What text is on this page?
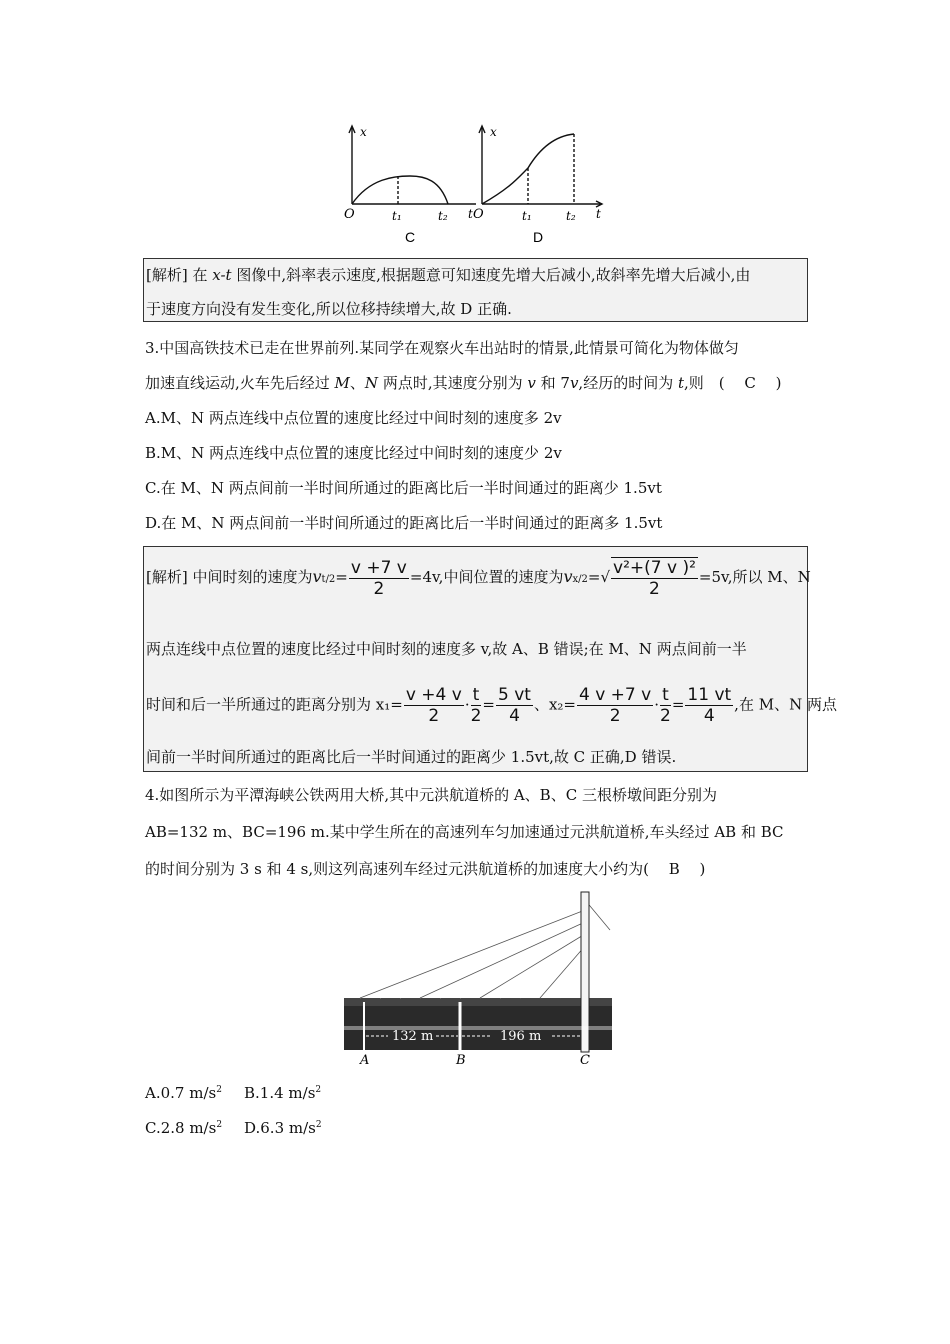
x	x
O	O
t₁	t₂ t	t₁	t₂ t
C	D
[解析] 在 x-t 图像中,斜率表示速度,根据题意可知速度先增大后减小,故斜率先增大后减小,由
于速度方向没有发生变化,所以位移持续增大,故 D 正确.
3.中国高铁技术已走在世界前列.某同学在观察火车出站时的情景,此情景可简化为物体做匀
加速直线运动,火车先后经过 M、N 两点时,其速度分别为 v 和 7v,经历的时间为 t,则　(　 C　 )
A.M、N 两点连线中点位置的速度比经过中间时刻的速度多 2v
B.M、N 两点连线中点位置的速度比经过中间时刻的速度少 2v
C.在 M、N 两点间前一半时间所通过的距离比后一半时间通过的距离少 1.5vt
D.在 M、N 两点间前一半时间所通过的距离比后一半时间通过的距离多 1.5vt
[解析] 中间时刻的速度为$vt/2= \frac{v +7 v}{2} =4v$,中间位置的速度为$vx/2=√ \frac{\text{v²+(7 v )²}}{2} =5v$,所以 M、N
两点连线中点位置的速度比经过中间时刻的速度多 v,故 A、B 错误;在 M、N 两点间前一半
时间和后一半所通过的距离分别为 $x_1= \frac{v +4 v}{2} \cdot \frac{t}{2} = \frac{5 vt}{4}$ 、$x_2= \frac{4 v +7 v}{2} \cdot \frac{t}{2} = \frac{11 vt}{4}$ ,在 M、N 两点
间前一半时间所通过的距离比后一半时间通过的距离少 1.5vt,故 C 正确,D 错误.
4.如图所示为平潭海峡公铁两用大桥,其中元洪航道桥的 A、B、C 三根桥墩间距分别为
AB=132 m、BC=196 m.某中学生所在的高速列车匀加速通过元洪航道桥,车头经过 AB 和 BC
的时间分别为 3 s 和 4 s,则这列高速列车经过元洪航道桥的加速度大小约为(　 B　 )
132 m	196 m
A	B	C
A.0.7 $m/s^2$ B.1.4 $m/s^2$
C.2.8 $m/s^2$ D.6.3 $m/s^2$
